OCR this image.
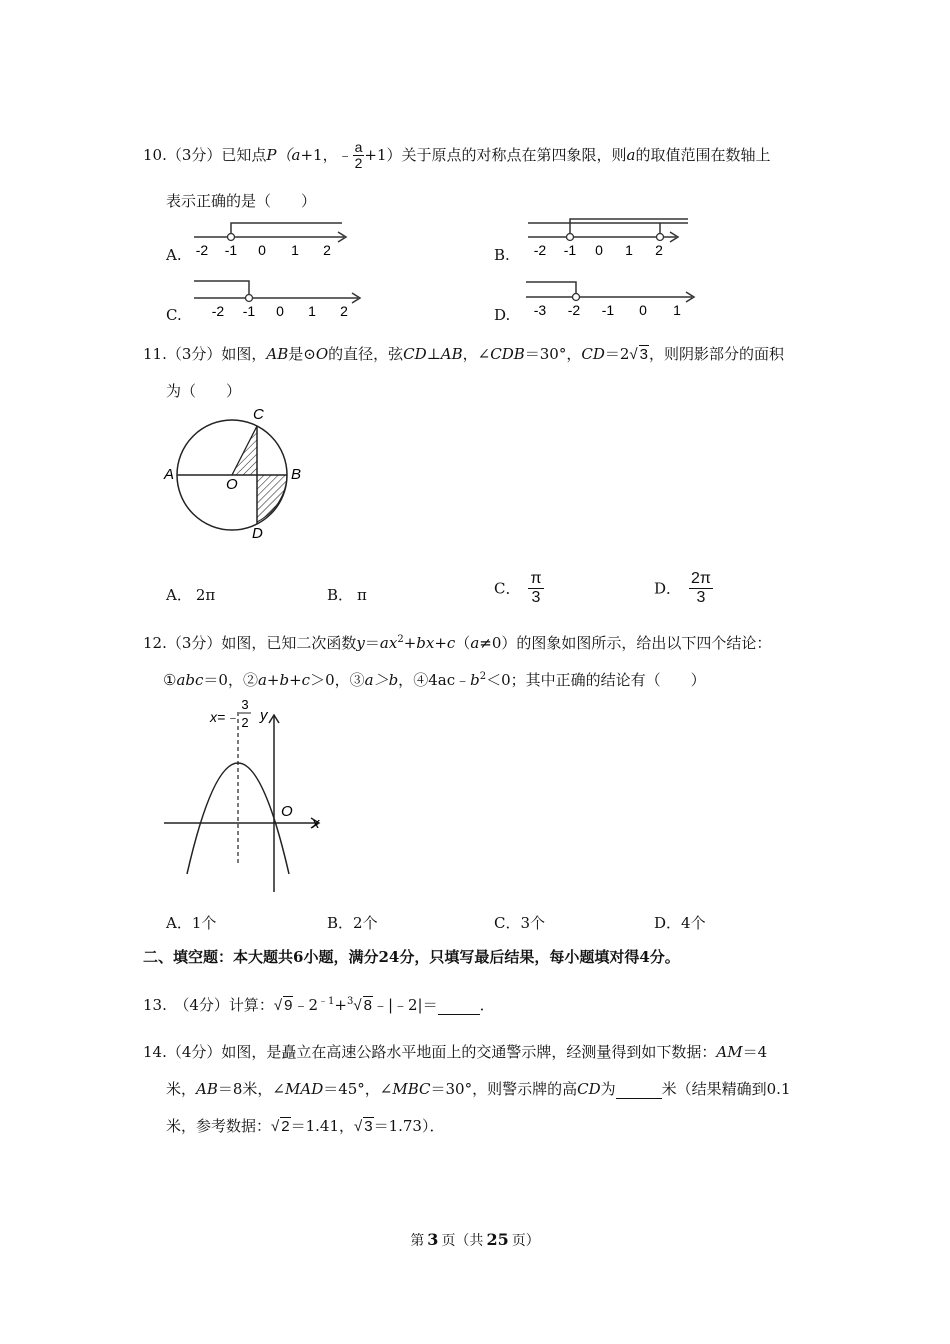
10.（3分）已知点P（a+1，﹣ $\frac{a}{2} +1$）关于原点的对称点在第四象限，则a的取值范围在数轴上
表示正确的是（　　）
A. -2 -1 0 1 2	B. -2 -1 0 1 2
C. -2 -1 0 1 2	D. -3 -2 -1 0 1
11.（3分）如图，AB是⊙O的直径，弦CD⊥AB，∠CDB＝30°，CD＝2√ 3，则阴影部分的面积
为（　　）
A	B
C
D
O
A． 2π	B． π	C． $\frac{\pi}{3}$	D． $\frac{2\pi}{3}$
12.（3分）如图，已知二次函数$y=ax^2+bx+c(a\ne 0)$的图象如图所示，给出以下四个结论：
①abc＝0，②a+b+c＞0，③a＞b，$④4ac﹣b^2<0$；其中正确的结论有（　　）
x=﹣
3
2 y
x
O
A．1个	B．2个	C．3个	D．4个
二、填空题：本大题共6小题，满分24分，只填写最后结果，每小题填对得4分。
13.　（4分）计算：√ $9﹣2^{﹣1}+^3√$ 8﹣|﹣2|＝	．
14.（4分）如图，是矗立在高速公路水平地面上的交通警示牌，经测量得到如下数据：AM＝4
米，AB＝8米，∠MAD＝45°，∠MBC＝30°，则警示牌的高CD为	米（结果精确到0.1
米，参考数据：√ 2＝1.41，√ 3＝1.73）．
第 3 页（共 25 页）
